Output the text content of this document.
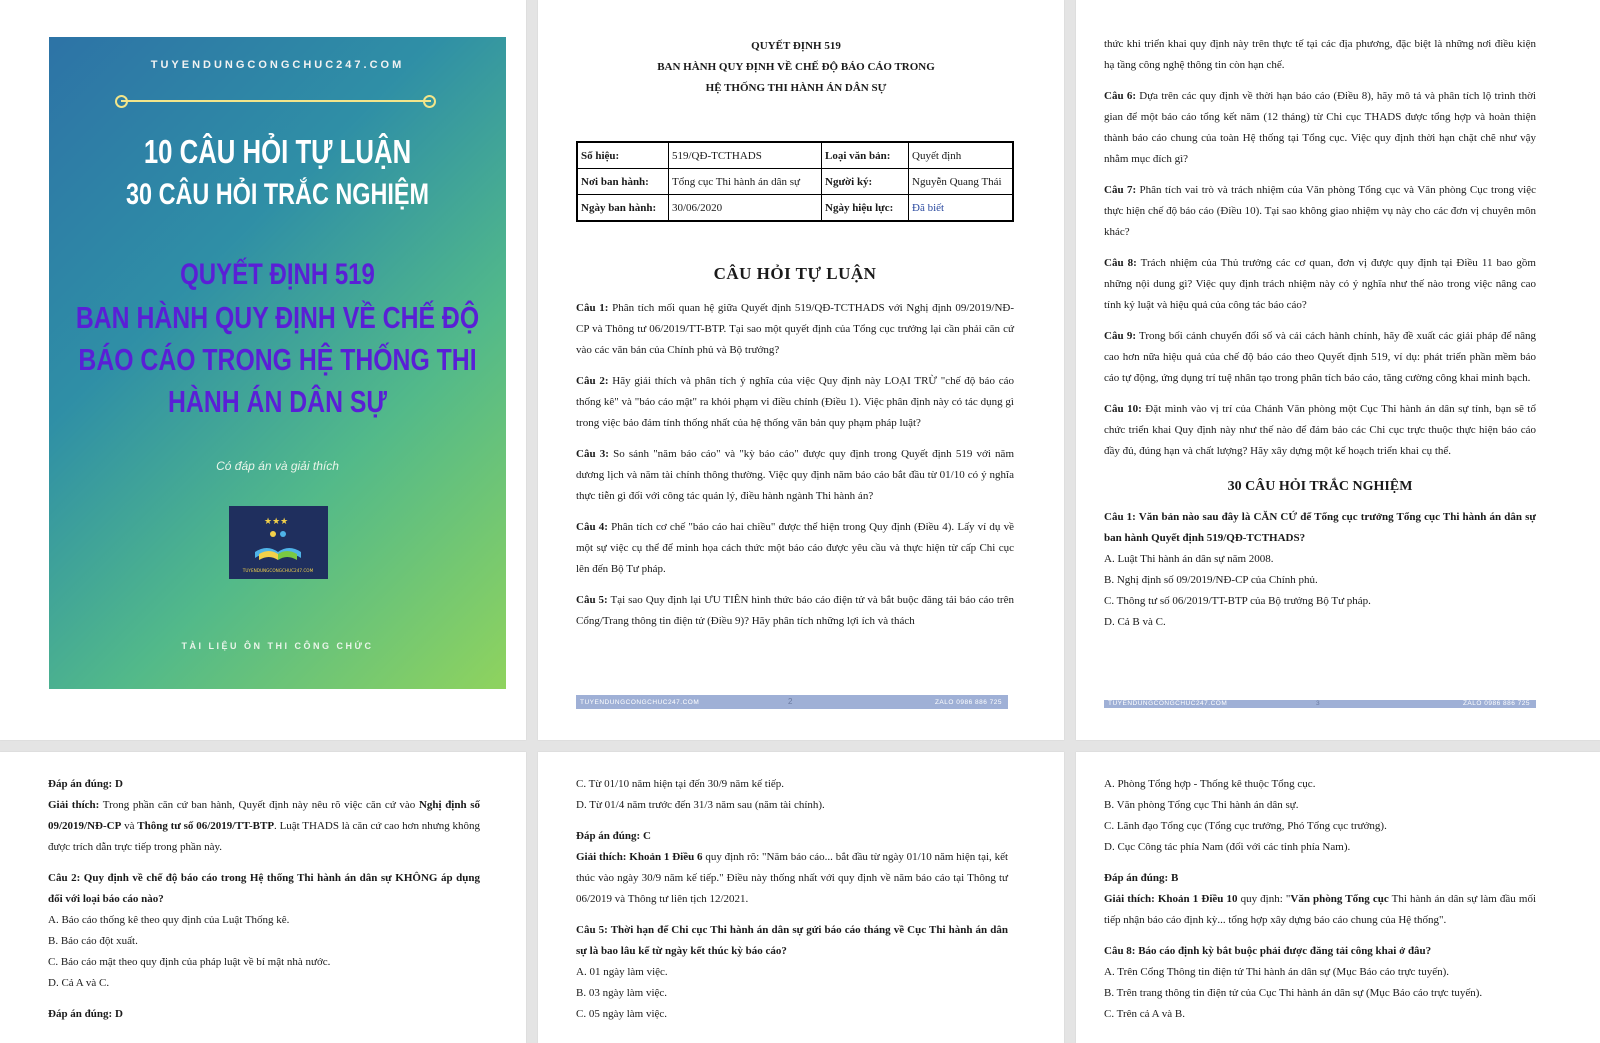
TUYENDUNGCONGCHUC247.COM
10 CÂU HỎI TỰ LUẬN
30 CÂU HỎI TRẮC NGHIỆM
QUYẾT ĐỊNH 519
BAN HÀNH QUY ĐỊNH VỀ CHẾ ĐỘ BÁO CÁO TRONG HỆ THỐNG THI HÀNH ÁN DÂN SỰ
Có đáp án và giải thích
★★★
TUYENDUNGCONGCHUC247.COM
TÀI LIỆU ÔN THI CÔNG CHỨC
QUYẾT ĐỊNH 519
BAN HÀNH QUY ĐỊNH VỀ CHẾ ĐỘ BÁO CÁO TRONG
HỆ THỐNG THI HÀNH ÁN DÂN SỰ
Số hiệu:	519/QĐ-TCTHADS	Loại văn bản:	Quyết định
Nơi ban hành:	Tổng cục Thi hành án dân sự	Người ký:	Nguyễn Quang Thái
Ngày ban hành:	30/06/2020	Ngày hiệu lực:	Đã biết
CÂU HỎI TỰ LUẬN

Câu 1: Phân tích mối quan hệ giữa Quyết định 519/QĐ-TCTHADS với Nghị định 09/2019/NĐ-CP và Thông tư 06/2019/TT-BTP. Tại sao một quyết định của Tổng cục trưởng lại cần phải căn cứ vào các văn bản của Chính phủ và Bộ trưởng?

Câu 2: Hãy giải thích và phân tích ý nghĩa của việc Quy định này LOẠI TRỪ "chế độ báo cáo thống kê" và "báo cáo mật" ra khỏi phạm vi điều chỉnh (Điều 1). Việc phân định này có tác dụng gì trong việc bảo đảm tính thống nhất của hệ thống văn bản quy phạm pháp luật?

Câu 3: So sánh "năm báo cáo" và "kỳ báo cáo" được quy định trong Quyết định 519 với năm dương lịch và năm tài chính thông thường. Việc quy định năm báo cáo bắt đầu từ 01/10 có ý nghĩa thực tiễn gì đối với công tác quản lý, điều hành ngành Thi hành án?

Câu 4: Phân tích cơ chế "báo cáo hai chiều" được thể hiện trong Quy định (Điều 4). Lấy ví dụ về một sự việc cụ thể để minh họa cách thức một báo cáo được yêu cầu và thực hiện từ cấp Chi cục lên đến Bộ Tư pháp.

Câu 5: Tại sao Quy định lại ƯU TIÊN hình thức báo cáo điện tử và bắt buộc đăng tải báo cáo trên Cổng/Trang thông tin điện tử (Điều 9)? Hãy phân tích những lợi ích và thách

TUYENDUNGCONGCHUC247.COM	2	ZALO 0986 886 725

thức khi triển khai quy định này trên thực tế tại các địa phương, đặc biệt là những nơi điều kiện hạ tầng công nghệ thông tin còn hạn chế.

Câu 6: Dựa trên các quy định về thời hạn báo cáo (Điều 8), hãy mô tả và phân tích lộ trình thời gian để một báo cáo tổng kết năm (12 tháng) từ Chi cục THADS được tổng hợp và hoàn thiện thành báo cáo chung của toàn Hệ thống tại Tổng cục. Việc quy định thời hạn chặt chẽ như vậy nhằm mục đích gì?

Câu 7: Phân tích vai trò và trách nhiệm của Văn phòng Tổng cục và Văn phòng Cục trong việc thực hiện chế độ báo cáo (Điều 10). Tại sao không giao nhiệm vụ này cho các đơn vị chuyên môn khác?

Câu 8: Trách nhiệm của Thủ trưởng các cơ quan, đơn vị được quy định tại Điều 11 bao gồm những nội dung gì? Việc quy định trách nhiệm này có ý nghĩa như thế nào trong việc nâng cao tính kỷ luật và hiệu quả của công tác báo cáo?

Câu 9: Trong bối cảnh chuyển đổi số và cải cách hành chính, hãy đề xuất các giải pháp để nâng cao hơn nữa hiệu quả của chế độ báo cáo theo Quyết định 519, ví dụ: phát triển phần mềm báo cáo tự động, ứng dụng trí tuệ nhân tạo trong phân tích báo cáo, tăng cường công khai minh bạch.

Câu 10: Đặt mình vào vị trí của Chánh Văn phòng một Cục Thi hành án dân sự tỉnh, bạn sẽ tổ chức triển khai Quy định này như thế nào để đảm bảo các Chi cục trực thuộc thực hiện báo cáo đầy đủ, đúng hạn và chất lượng? Hãy xây dựng một kế hoạch triển khai cụ thể.

30 CÂU HỎI TRẮC NGHIỆM

Câu 1: Văn bản nào sau đây là CĂN CỨ để Tổng cục trưởng Tổng cục Thi hành án dân sự ban hành Quyết định 519/QĐ-TCTHADS?

A. Luật Thi hành án dân sự năm 2008.
B. Nghị định số 09/2019/NĐ-CP của Chính phủ.
C. Thông tư số 06/2019/TT-BTP của Bộ trưởng Bộ Tư pháp.
D. Cả B và C.
TUYENDUNGCONGCHUC247.COM	3	ZALO 0986 886 725
Đáp án đúng: D

Giải thích: Trong phần căn cứ ban hành, Quyết định này nêu rõ việc căn cứ vào Nghị định số 09/2019/NĐ-CP và Thông tư số 06/2019/TT-BTP. Luật THADS là căn cứ cao hơn nhưng không được trích dẫn trực tiếp trong phần này.

Câu 2: Quy định về chế độ báo cáo trong Hệ thống Thi hành án dân sự KHÔNG áp dụng đối với loại báo cáo nào?

A. Báo cáo thống kê theo quy định của Luật Thống kê.
B. Báo cáo đột xuất.
C. Báo cáo mật theo quy định của pháp luật về bí mật nhà nước.
D. Cả A và C.
Đáp án đúng: D
C. Từ 01/10 năm hiện tại đến 30/9 năm kế tiếp.
D. Từ 01/4 năm trước đến 31/3 năm sau (năm tài chính).
Đáp án đúng: C

Giải thích: Khoản 1 Điều 6 quy định rõ: "Năm báo cáo... bắt đầu từ ngày 01/10 năm hiện tại, kết thúc vào ngày 30/9 năm kế tiếp." Điều này thống nhất với quy định về năm báo cáo tại Thông tư 06/2019 và Thông tư liên tịch 12/2021.

Câu 5: Thời hạn để Chi cục Thi hành án dân sự gửi báo cáo tháng về Cục Thi hành án dân sự là bao lâu kể từ ngày kết thúc kỳ báo cáo?

A. 01 ngày làm việc.
B. 03 ngày làm việc.
C. 05 ngày làm việc.
A. Phòng Tổng hợp - Thống kê thuộc Tổng cục.
B. Văn phòng Tổng cục Thi hành án dân sự.
C. Lãnh đạo Tổng cục (Tổng cục trưởng, Phó Tổng cục trưởng).
D. Cục Công tác phía Nam (đối với các tỉnh phía Nam).
Đáp án đúng: B

Giải thích: Khoản 1 Điều 10 quy định: "Văn phòng Tổng cục Thi hành án dân sự làm đầu mối tiếp nhận báo cáo định kỳ... tổng hợp xây dựng báo cáo chung của Hệ thống".

Câu 8: Báo cáo định kỳ bắt buộc phải được đăng tải công khai ở đâu?

A. Trên Cổng Thông tin điện tử Thi hành án dân sự (Mục Báo cáo trực tuyến).
B. Trên trang thông tin điện tử của Cục Thi hành án dân sự (Mục Báo cáo trực tuyến).
C. Trên cả A và B.
